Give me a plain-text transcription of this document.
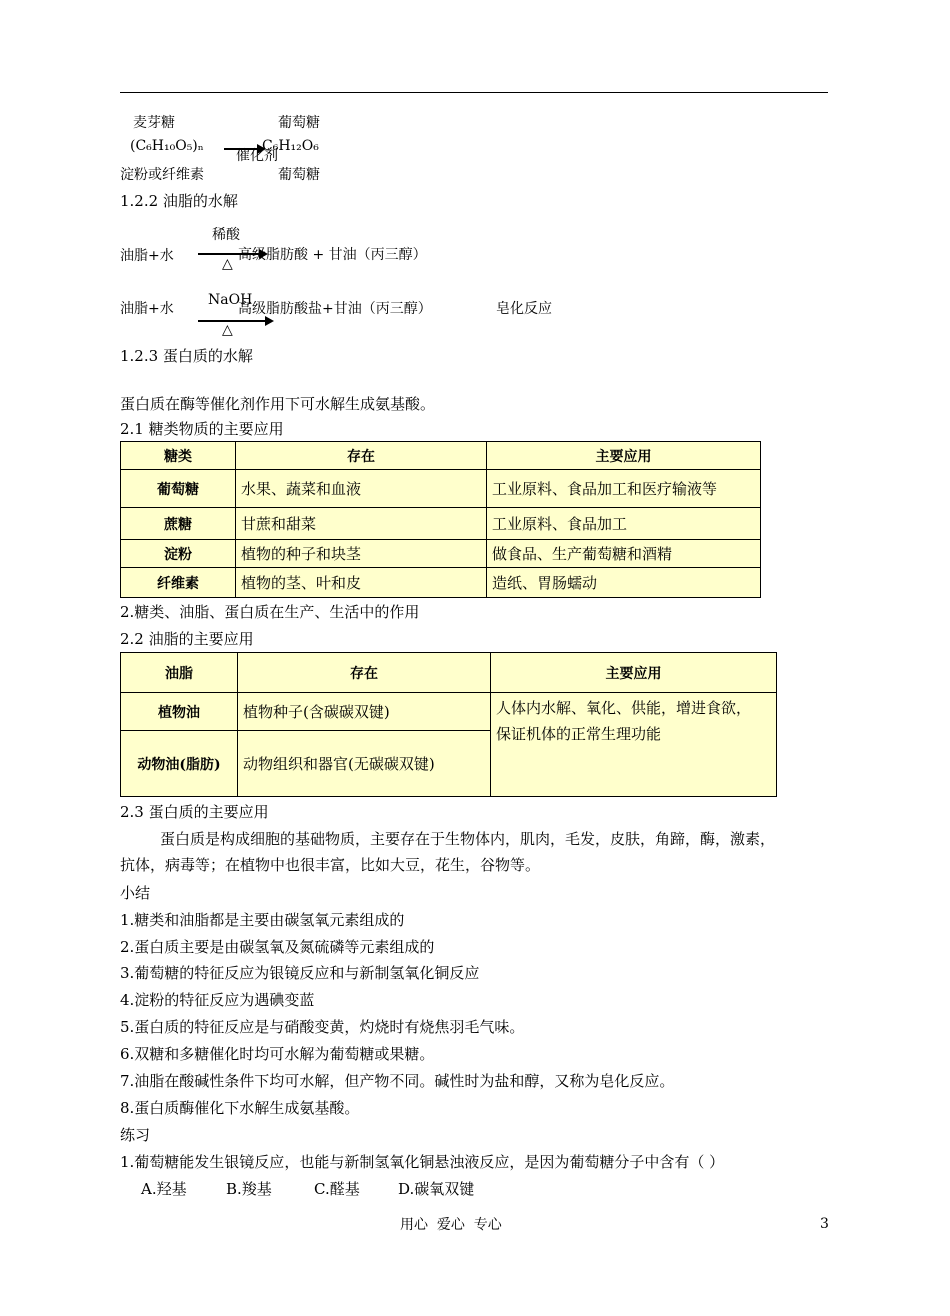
麦芽糖	葡萄糖
(C₆H₁₀O₅)ₙ →
催化剂
C₆H₁₂O₆
淀粉或纤维素	葡萄糖
1.2.2 油脂的水解
稀酸
油脂+水	△
高级脂肪酸 + 甘油（丙三醇）
NaOH
油脂+水
△
高级脂肪酸盐+甘油（丙三醇）	皂化反应
1.2.3 蛋白质的水解
蛋白质在酶等催化剂作用下可水解生成氨基酸。
2.1 糖类物质的主要应用
糖类	存在	主要应用
葡萄糖	水果、蔬菜和血液	工业原料、食品加工和医疗输液等
蔗糖	甘蔗和甜菜	工业原料、食品加工
淀粉	植物的种子和块茎	做食品、生产葡萄糖和酒精
纤维素	植物的茎、叶和皮	造纸、胃肠蠕动
2.糖类、油脂、蛋白质在生产、生活中的作用
2.2 油脂的主要应用
油脂	存在	主要应用
植物油	植物种子(含碳碳双键)	人体内水解、氧化、供能，增进食欲，
保证机体的正常生理功能

动物油(脂肪)	动物组织和器官(无碳碳双键)	
2.3 蛋白质的主要应用
蛋白质是构成细胞的基础物质，主要存在于生物体内，肌肉，毛发，皮肤，角蹄，酶，激素，
抗体，病毒等；在植物中也很丰富，比如大豆，花生，谷物等。
小结
1.糖类和油脂都是主要由碳氢氧元素组成的
2.蛋白质主要是由碳氢氧及氮硫磷等元素组成的
3.葡萄糖的特征反应为银镜反应和与新制氢氧化铜反应
4.淀粉的特征反应为遇碘变蓝
5.蛋白质的特征反应是与硝酸变黄，灼烧时有烧焦羽毛气味。
6.双糖和多糖催化时均可水解为葡萄糖或果糖。
7.油脂在酸碱性条件下均可水解，但产物不同。碱性时为盐和醇，又称为皂化反应。
8.蛋白质酶催化下水解生成氨基酸。
练习
1.葡萄糖能发生银镜反应，也能与新制氢氧化铜悬浊液反应，是因为葡萄糖分子中含有（ ）
A.羟基	B.羧基	C.醛基	D.碳氧双键
用心  爱心  专心	3
